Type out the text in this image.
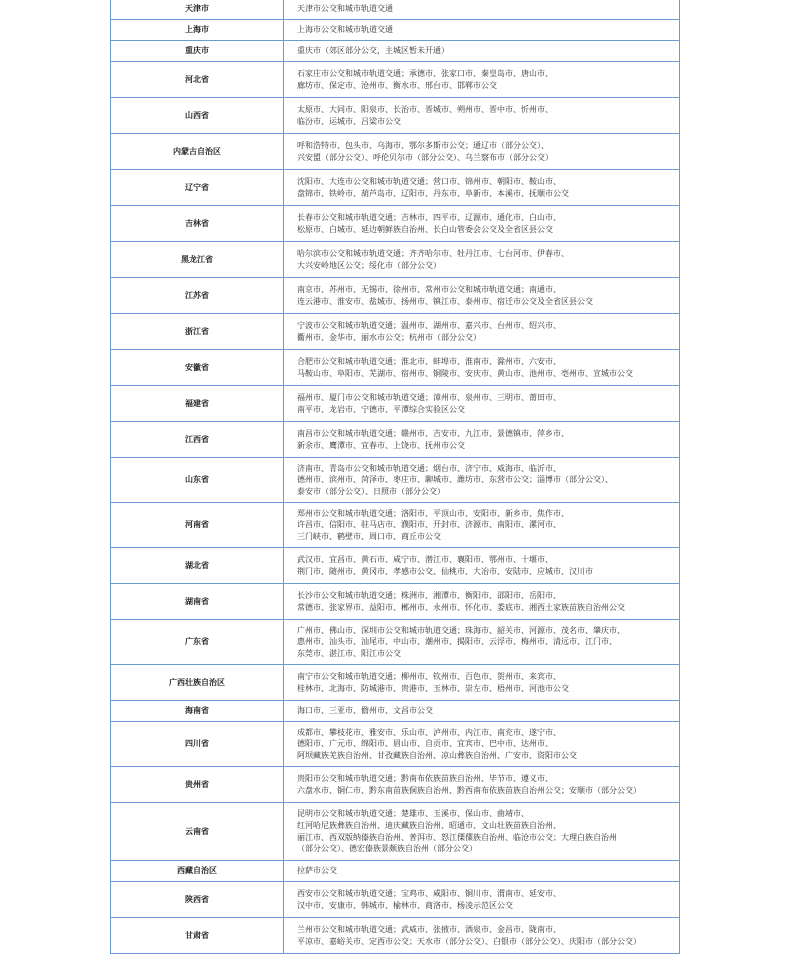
天津市	天津市公交和城市轨道交通

上海市	上海市公交和城市轨道交通

重庆市	重庆市（郊区部分公交，主城区暂未开通）

河北省	石家庄市公交和城市轨道交通；承德市、张家口市、秦皇岛市、唐山市、
廊坊市、保定市、沧州市、衡水市、邢台市、邯郸市公交

山西省	太原市、大同市、阳泉市、长治市、晋城市、朔州市、晋中市、忻州市、
临汾市、运城市、吕梁市公交

内蒙古自治区	呼和浩特市、包头市、乌海市、鄂尔多斯市公交；通辽市（部分公交）、
兴安盟（部分公交）、呼伦贝尔市（部分公交）、乌兰察布市（部分公交）

辽宁省	沈阳市、大连市公交和城市轨道交通；营口市、锦州市、朝阳市、鞍山市、
盘锦市、铁岭市、葫芦岛市、辽阳市、丹东市、阜新市、本溪市、抚顺市公交

吉林省	长春市公交和城市轨道交通；吉林市、四平市、辽源市、通化市、白山市、
松原市、白城市、延边朝鲜族自治州、长白山管委会公交及全省区县公交

黑龙江省	哈尔滨市公交和城市轨道交通；齐齐哈尔市、牡丹江市、七台河市、伊春市、
大兴安岭地区公交；绥化市（部分公交）

江苏省	南京市、苏州市、无锡市、徐州市、常州市公交和城市轨道交通；南通市、
连云港市、淮安市、盐城市、扬州市、镇江市、泰州市、宿迁市公交及全省区县公交

浙江省	宁波市公交和城市轨道交通；温州市、湖州市、嘉兴市、台州市、绍兴市、
衢州市、金华市、丽水市公交；杭州市（部分公交）

安徽省	合肥市公交和城市轨道交通；淮北市、蚌埠市、淮南市、滁州市、六安市、
马鞍山市、阜阳市、芜湖市、宿州市、铜陵市、安庆市、黄山市、池州市、亳州市、宣城市公交

福建省	福州市、厦门市公交和城市轨道交通；漳州市、泉州市、三明市、莆田市、
南平市、龙岩市、宁德市、平潭综合实验区公交

江西省	南昌市公交和城市轨道交通；赣州市、吉安市、九江市、景德镇市、萍乡市、
新余市、鹰潭市、宜春市、上饶市、抚州市公交

山东省	济南市、青岛市公交和城市轨道交通；烟台市、济宁市、威海市、临沂市、
德州市、滨州市、菏泽市、枣庄市、聊城市、潍坊市、东营市公交；淄博市（部分公交）、
泰安市（部分公交）、日照市（部分公交）

河南省	郑州市公交和城市轨道交通；洛阳市、平顶山市、安阳市、新乡市、焦作市、
许昌市、信阳市、驻马店市、濮阳市、开封市、济源市、南阳市、漯河市、
三门峡市、鹤壁市、周口市、商丘市公交

湖北省	武汉市、宜昌市、黄石市、咸宁市、潜江市、襄阳市、鄂州市、十堰市、
荆门市、随州市、黄冈市、孝感市公交、仙桃市、大冶市、安陆市、应城市、汉川市

湖南省	长沙市公交和城市轨道交通；株洲市、湘潭市、衡阳市、邵阳市、岳阳市、
常德市、张家界市、益阳市、郴州市、永州市、怀化市、娄底市、湘西土家族苗族自治州公交

广东省	广州市、佛山市、深圳市公交和城市轨道交通；珠海市、韶关市、河源市、茂名市、肇庆市、
惠州市、汕头市、汕尾市、中山市、潮州市、揭阳市、云浮市、梅州市、清远市、江门市、
东莞市、湛江市、阳江市公交

广西壮族自治区	南宁市公交和城市轨道交通；柳州市、钦州市、百色市、贺州市、来宾市、
桂林市、北海市、防城港市、贵港市、玉林市、崇左市、梧州市、河池市公交

海南省	海口市、三亚市、儋州市、文昌市公交

四川省	成都市、攀枝花市、雅安市、乐山市、泸州市、内江市、南充市、遂宁市、
德阳市、广元市、绵阳市、眉山市、自贡市、宜宾市、巴中市、达州市、
阿坝藏族羌族自治州、甘孜藏族自治州、凉山彝族自治州、广安市、资阳市公交

贵州省	贵阳市公交和城市轨道交通；黔南布依族苗族自治州、毕节市、遵义市、
六盘水市、铜仁市、黔东南苗族侗族自治州、黔西南布依族苗族自治州公交；安顺市（部分公交）

云南省	昆明市公交和城市轨道交通；楚雄市、玉溪市、保山市、曲靖市、
红河哈尼族彝族自治州、迪庆藏族自治州、昭通市、文山壮族苗族自治州、
丽江市、西双版纳傣族自治州、普洱市、怒江傈僳族自治州、临沧市公交；大理白族自治州
（部分公交）、德宏傣族景颇族自治州（部分公交）

西藏自治区	拉萨市公交

陕西省	西安市公交和城市轨道交通；宝鸡市、咸阳市、铜川市、渭南市、延安市、
汉中市、安康市、韩城市、榆林市、商洛市、杨凌示范区公交

甘肃省	兰州市公交和城市轨道交通；武威市、张掖市、酒泉市、金昌市、陇南市、
平凉市、嘉峪关市、定西市公交；天水市（部分公交）、白银市（部分公交）、庆阳市（部分公交）
